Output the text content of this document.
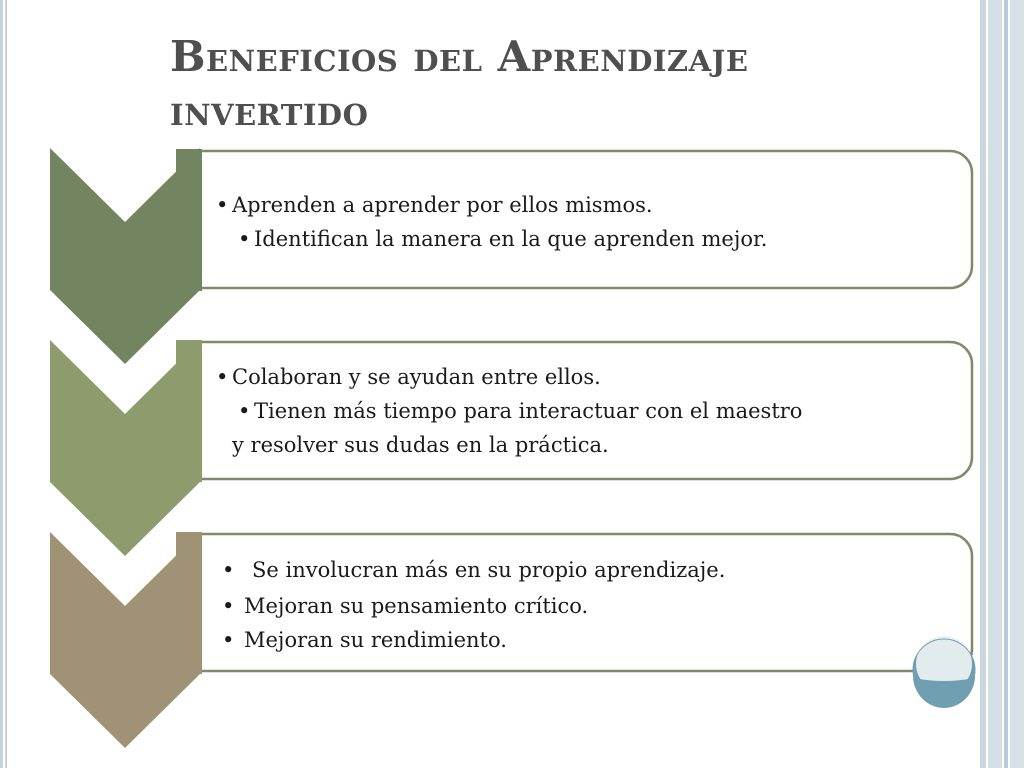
Beneficios del Aprendizaje invertido
• Aprenden a aprender por ellos mismos.
• Identifican la manera en la que aprenden mejor.
• Colaboran y se ayudan entre ellos.
• Tienen más tiempo para interactuar con el maestro
y resolver sus dudas en la práctica.
• Se involucran más en su propio aprendizaje.
• Mejoran su pensamiento crítico.
• Mejoran su rendimiento.
